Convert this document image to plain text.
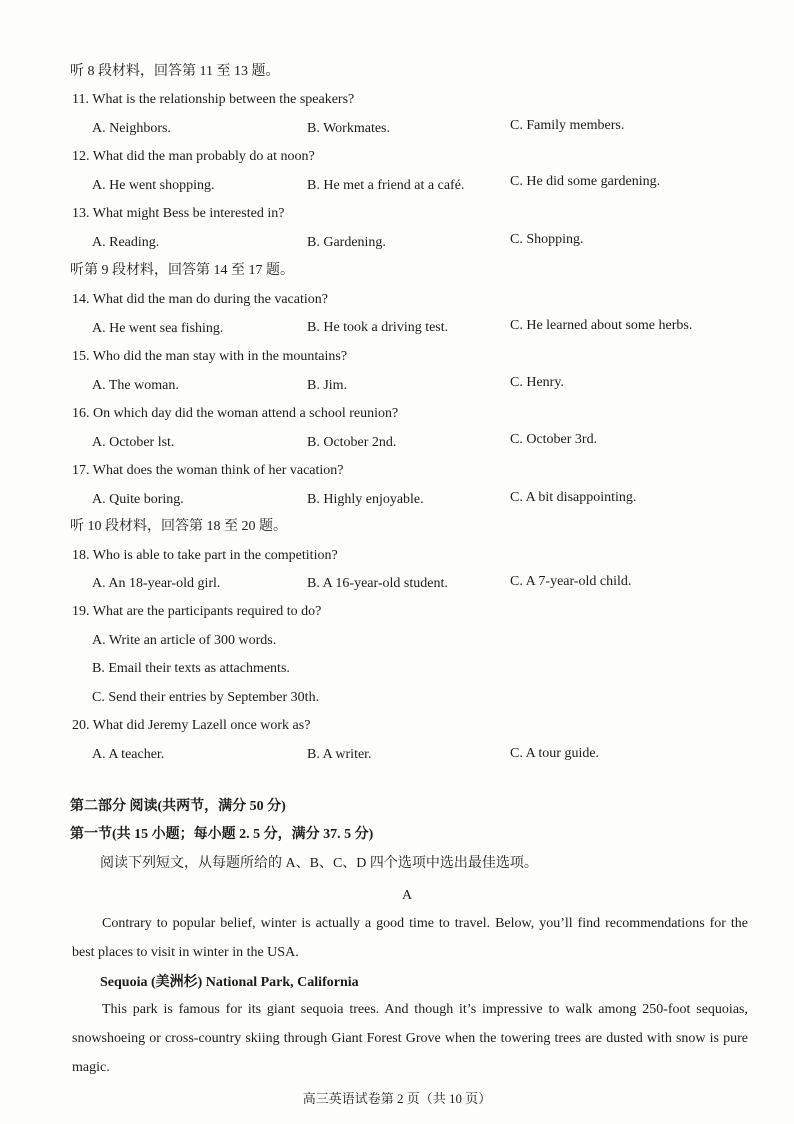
听 8 段材料，回答第 11 至 13 题。
11. What is the relationship between the speakers?
A. Neighbors.	B. Workmates.	C. Family members.
12. What did the man probably do at noon?
A. He went shopping.	B. He met a friend at a café.	C. He did some gardening.
13. What might Bess be interested in?
A. Reading.	B. Gardening.	C. Shopping.
听第 9 段材料，回答第 14 至 17 题。
14. What did the man do during the vacation?
A. He went sea fishing.	B. He took a driving test.	C. He learned about some herbs.
15. Who did the man stay with in the mountains?
A. The woman.	B. Jim.	C. Henry.
16. On which day did the woman attend a school reunion?
A. October lst.	B. October 2nd.	C. October 3rd.
17. What does the woman think of her vacation?
A. Quite boring.	B. Highly enjoyable.	C. A bit disappointing.
听 10 段材料，回答第 18 至 20 题。
18. Who is able to take part in the competition?
A. An 18-year-old girl.	B. A 16-year-old student.	C. A 7-year-old child.
19. What are the participants required to do?
A. Write an article of 300 words.
B. Email their texts as attachments.
C. Send their entries by September 30th.
20. What did Jeremy Lazell once work as?
A. A teacher.	B. A writer.	C. A tour guide.
第二部分 阅读(共两节，满分 50 分)
第一节(共 15 小题；每小题 2. 5 分，满分 37. 5 分)
阅读下列短文，从每题所给的 A、B、C、D 四个选项中选出最佳选项。
A
Contrary to popular belief, winter is actually a good time to travel. Below, you’ll find recommendations for the best places to visit in winter in the USA.
Sequoia (美洲杉) National Park, California
This park is famous for its giant sequoia trees. And though it’s impressive to walk among 250-foot sequoias, snowshoeing or cross-country skiing through Giant Forest Grove when the towering trees are dusted with snow is pure magic.
高三英语试卷第 2 页（共 10 页）
